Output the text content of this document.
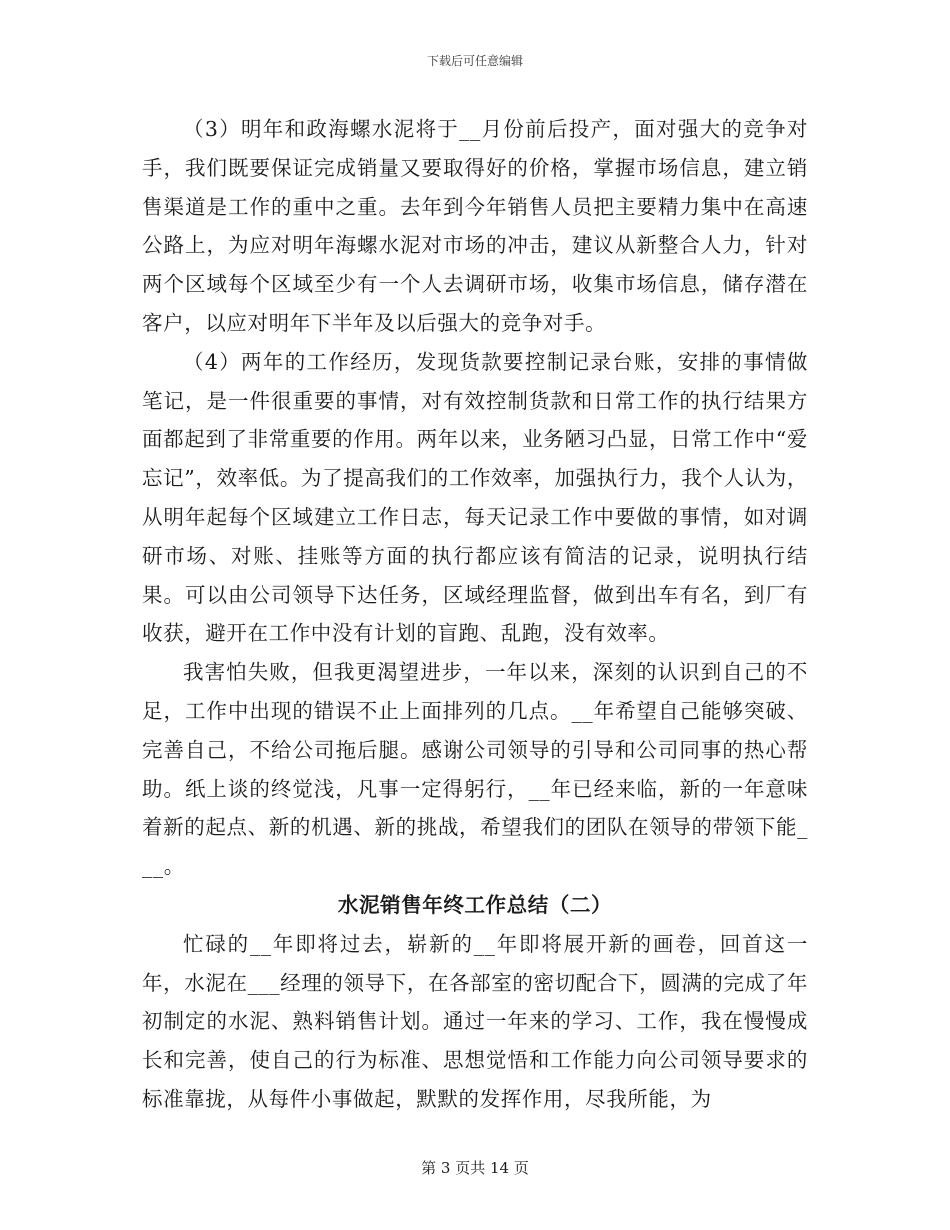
下载后可任意编辑

（3）明年和政海螺水泥将于__月份前后投产，面对强大的竞争对手，我们既要保证完成销量又要取得好的价格，掌握市场信息，建立销售渠道是工作的重中之重。去年到今年销售人员把主要精力集中在高速公路上，为应对明年海螺水泥对市场的冲击，建议从新整合人力，针对两个区域每个区域至少有一个人去调研市场，收集市场信息，储存潜在客户，以应对明年下半年及以后强大的竞争对手。

（4）两年的工作经历，发现货款要控制记录台账，安排的事情做笔记，是一件很重要的事情，对有效控制货款和日常工作的执行结果方面都起到了非常重要的作用。两年以来，业务陋习凸显，日常工作中“爱忘记”，效率低。为了提高我们的工作效率，加强执行力，我个人认为，从明年起每个区域建立工作日志，每天记录工作中要做的事情，如对调研市场、对账、挂账等方面的执行都应该有简洁的记录，说明执行结果。可以由公司领导下达任务，区域经理监督，做到出车有名，到厂有收获，避开在工作中没有计划的盲跑、乱跑，没有效率。

我害怕失败，但我更渴望进步，一年以来，深刻的认识到自己的不足，工作中出现的错误不止上面排列的几点。__年希望自己能够突破、完善自己，不给公司拖后腿。感谢公司领导的引导和公司同事的热心帮助。纸上谈的终觉浅，凡事一定得躬行，__年已经来临，新的一年意味着新的起点、新的机遇、新的挑战，希望我们的团队在领导的带领下能___。

水泥销售年终工作总结（二）

忙碌的__年即将过去，崭新的__年即将展开新的画卷，回首这一年，水泥在___经理的领导下，在各部室的密切配合下，圆满的完成了年初制定的水泥、熟料销售计划。通过一年来的学习、工作，我在慢慢成长和完善，使自己的行为标准、思想觉悟和工作能力向公司领导要求的标准靠拢，从每件小事做起，默默的发挥作用，尽我所能，为

第 3 页共 14 页
